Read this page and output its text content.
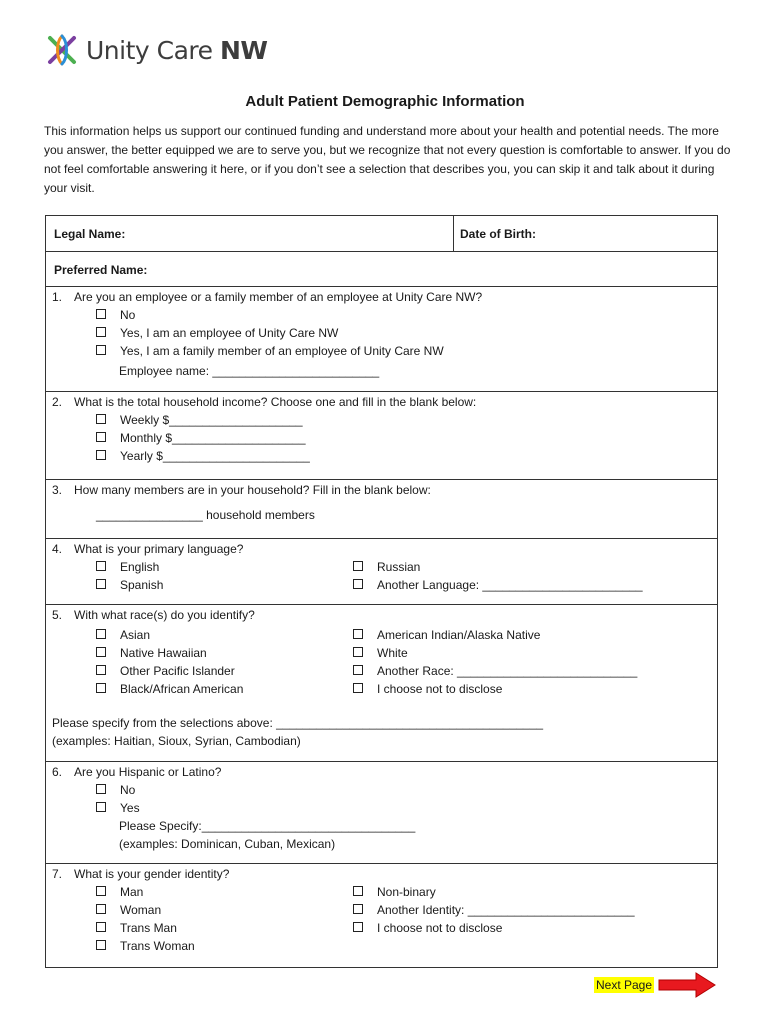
Unity Care NW
Adult Patient Demographic Information
This information helps us support our continued funding and understand more about your health and potential needs. The more you answer, the better equipped we are to serve you, but we recognize that not every question is comfortable to answer. If you do not feel comfortable answering it here, or if you don’t see a selection that describes you, you can skip it and talk about it during your visit.
Legal Name:	Date of Birth:
Preferred Name:
1. Are you an employee or a family member of an employee at Unity Care NW?
No
Yes, I am an employee of Unity Care NW
Yes, I am a family member of an employee of Unity Care NW
Employee name: _________________________
2. What is the total household income? Choose one and fill in the blank below:
Weekly $____________________
Monthly $____________________
Yearly $______________________
3. How many members are in your household? Fill in the blank below:
________________ household members
4. What is your primary language?
English
Spanish
Russian
Another Language: ________________________
5. With what race(s) do you identify?
Asian
Native Hawaiian
Other Pacific Islander
Black/African American
American Indian/Alaska Native
White
Another Race: ___________________________
I choose not to disclose
Please specify from the selections above: ________________________________________
(examples: Haitian, Sioux, Syrian, Cambodian)
6. Are you Hispanic or Latino?
No
Yes
Please Specify:________________________________
(examples: Dominican, Cuban, Mexican)
7. What is your gender identity?
Man
Woman
Trans Man
Trans Woman
Non-binary
Another Identity: _________________________
I choose not to disclose
Next Page
